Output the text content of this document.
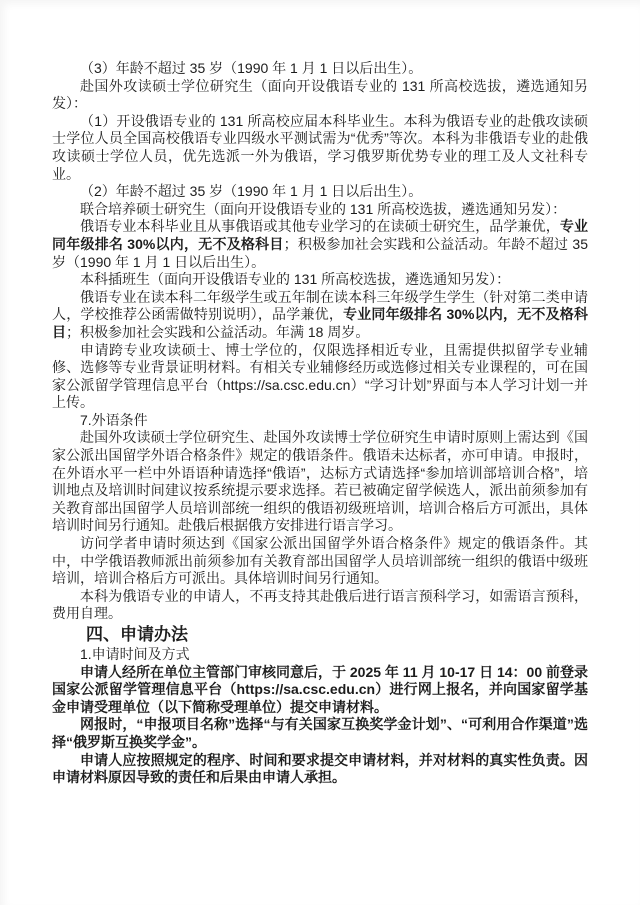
（3）年龄不超过 35 岁（1990 年 1 月 1 日以后出生）。

赴国外攻读硕士学位研究生（面向开设俄语专业的 131 所高校选拔，遴选通知另发）：

（1）开设俄语专业的 131 所高校应届本科毕业生。本科为俄语专业的赴俄攻读硕士学位人员全国高校俄语专业四级水平测试需为“优秀”等次。本科为非俄语专业的赴俄攻读硕士学位人员，优先选派一外为俄语，学习俄罗斯优势专业的理工及人文社科专业。

（2）年龄不超过 35 岁（1990 年 1 月 1 日以后出生）。

联合培养硕士研究生（面向开设俄语专业的 131 所高校选拔，遴选通知另发）：

俄语专业本科毕业且从事俄语或其他专业学习的在读硕士研究生，品学兼优，专业同年级排名 30%以内，无不及格科目；积极参加社会实践和公益活动。年龄不超过 35 岁（1990 年 1 月 1 日以后出生）。

本科插班生（面向开设俄语专业的 131 所高校选拔，遴选通知另发）：

俄语专业在读本科二年级学生或五年制在读本科三年级学生学生（针对第二类申请人，学校推荐公函需做特别说明），品学兼优，专业同年级排名 30%以内，无不及格科目；积极参加社会实践和公益活动。年满 18 周岁。

申请跨专业攻读硕士、博士学位的，仅限选择相近专业，且需提供拟留学专业辅修、选修等专业背景证明材料。有相关专业辅修经历或选修过相关专业课程的，可在国家公派留学管理信息平台（https://sa.csc.edu.cn）“学习计划”界面与本人学习计划一并上传。

7.外语条件

赴国外攻读硕士学位研究生、赴国外攻读博士学位研究生申请时原则上需达到《国家公派出国留学外语合格条件》规定的俄语条件。俄语未达标者，亦可申请。申报时，在外语水平一栏中外语语种请选择“俄语”，达标方式请选择“参加培训部培训合格”，培训地点及培训时间建议按系统提示要求选择。若已被确定留学候选人，派出前须参加有关教育部出国留学人员培训部统一组织的俄语初级班培训，培训合格后方可派出，具体培训时间另行通知。赴俄后根据俄方安排进行语言学习。

访问学者申请时须达到《国家公派出国留学外语合格条件》规定的俄语条件。其中，中学俄语教师派出前须参加有关教育部出国留学人员培训部统一组织的俄语中级班培训，培训合格后方可派出。具体培训时间另行通知。

本科为俄语专业的申请人，不再支持其赴俄后进行语言预科学习，如需语言预科，费用自理。

四、申请办法

1.申请时间及方式

申请人经所在单位主管部门审核同意后，于 2025 年 11 月 10-17 日 14：00 前登录国家公派留学管理信息平台（https://sa.csc.edu.cn）进行网上报名，并向国家留学基金申请受理单位（以下简称受理单位）提交申请材料。

网报时，“申报项目名称”选择“与有关国家互换奖学金计划”、“可利用合作渠道”选择“俄罗斯互换奖学金”。

申请人应按照规定的程序、时间和要求提交申请材料，并对材料的真实性负责。因申请材料原因导致的责任和后果由申请人承担。
